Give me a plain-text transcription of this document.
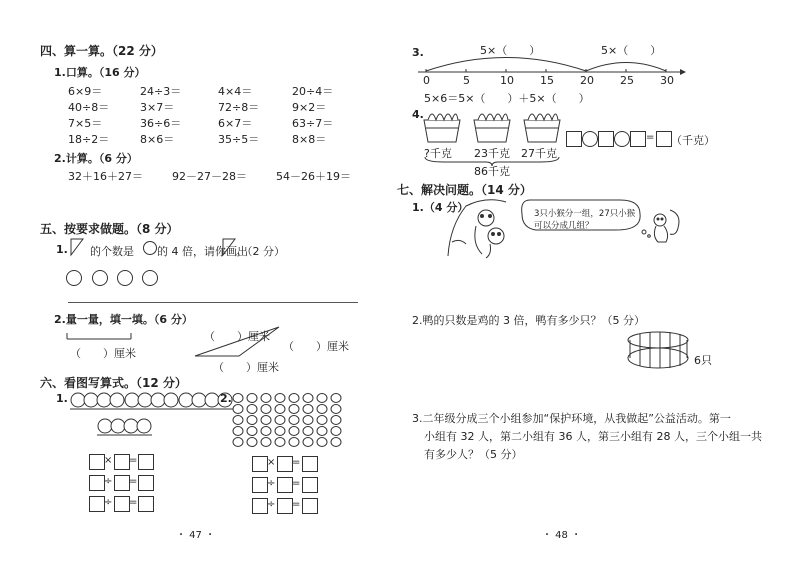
四、算一算。（22 分）
1.口算。（16 分）
6×9＝	24÷3＝	4×4＝	20÷4＝
40÷8＝	3×7＝	72÷8＝	9×2＝
7×5＝	36÷6＝	6×7＝	63÷7＝
18÷2＝	8×6＝	35÷5＝	8×8＝
2.计算。（6 分）
32＋16＋27＝	92－27－28＝	54－26＋19＝
五、按要求做题。（8 分）
1. 的个数是 的 4 倍，请你画出
。（2 分）
2.量一量，填一填。（6 分）
（　　）厘米
（　　）厘米
（　　）厘米
（　　）厘米
六、看图写算式。（12 分）
1.
× =
÷ =
÷ =
2.
× =
÷ =
÷ =
・ 47 ・
3.	5×（　　）	5×（　　）
0	5	10 15 20 25 30
5×6＝5×（　　）＋5×（　　）
4.
?千克 23千克 27千克
86千克
= （千克）
七、解决问题。（14 分）
1.（4 分）	3只小猴分一组，27只小猴可以分成几组？
2.鸭的只数是鸡的 3 倍，鸭有多少只？（5 分）
6只
3.二年级分成三个小组参加“保护环境，从我做起”公益活动。第一
小组有 32 人，第二小组有 36 人，第三小组有 28 人，三个小组一共
有多少人？（5 分）
・ 48 ・
